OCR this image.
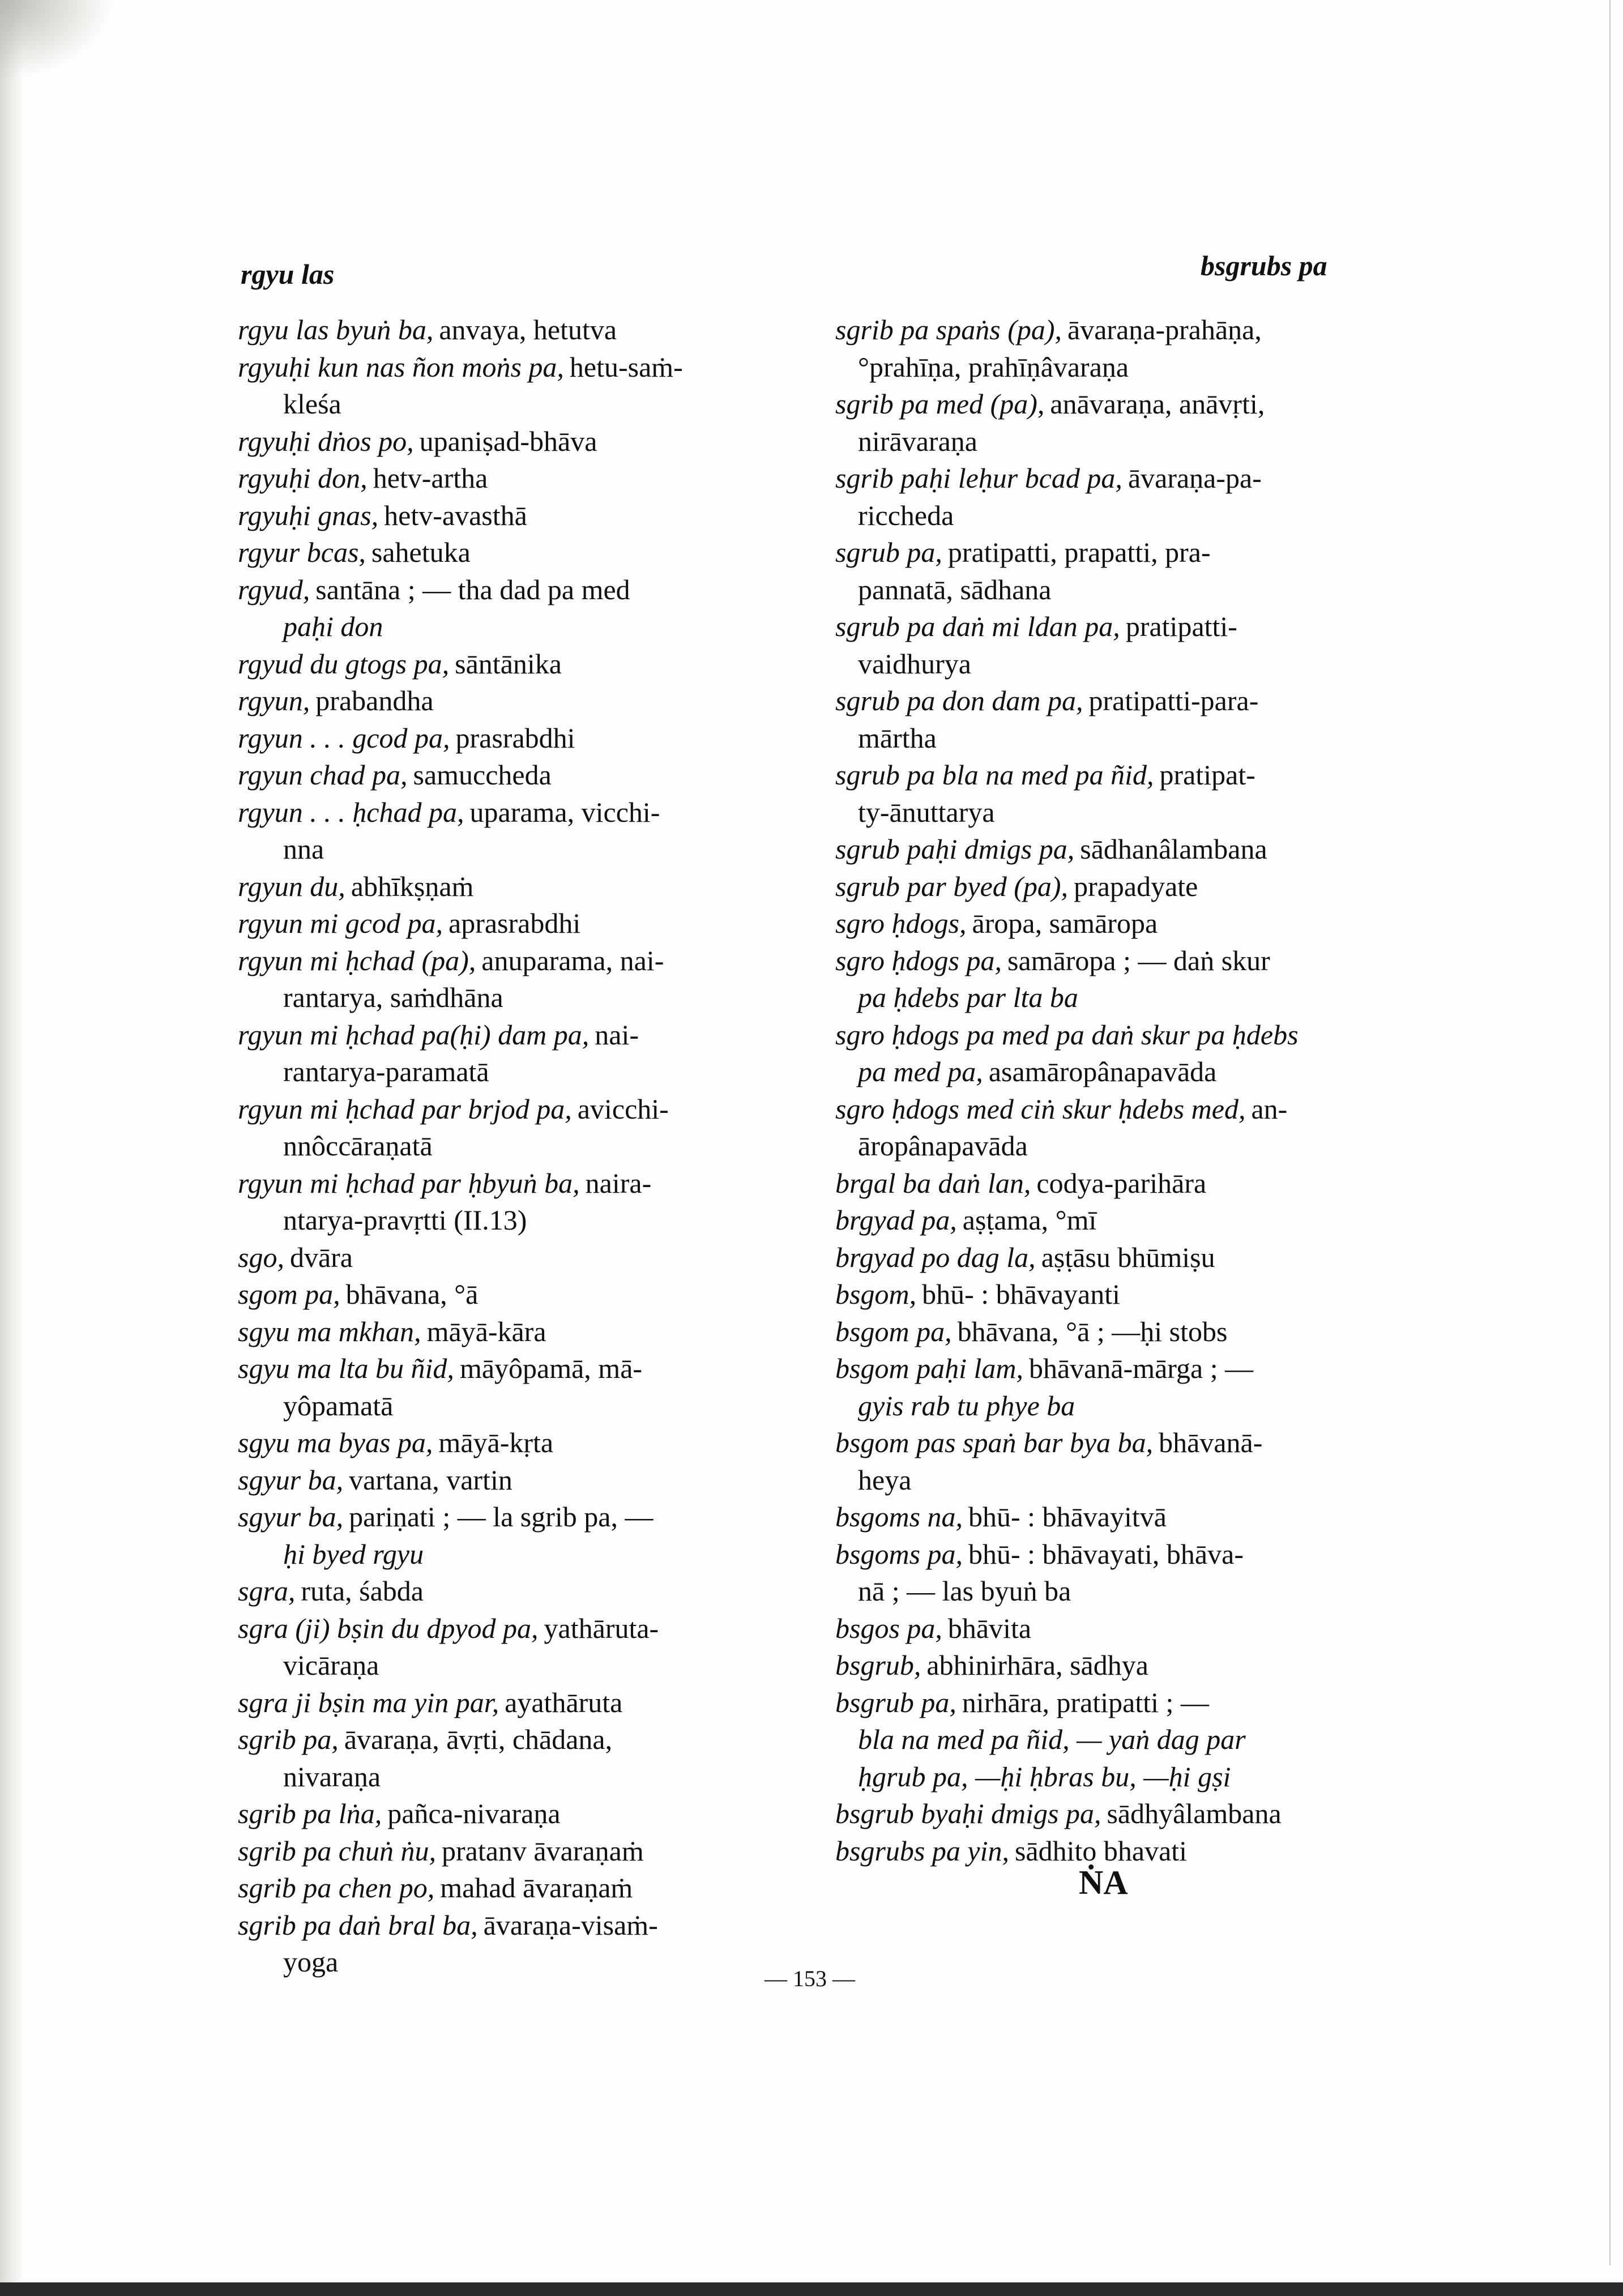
rgyu las	bsgrubs pa
rgyu las byuṅ ba, anvaya, hetutva
rgyuḥi kun nas ñon moṅs pa, hetu-saṁ-
kleśa
rgyuḥi dṅos po, upaniṣad-bhāva
rgyuḥi don, hetv-artha
rgyuḥi gnas, hetv-avasthā
rgyur bcas, sahetuka
rgyud, santāna ; — tha dad pa med
paḥi don
rgyud du gtogs pa, sāntānika
rgyun, prabandha
rgyun . . . gcod pa, prasrabdhi
rgyun chad pa, samuccheda
rgyun . . . ḥchad pa, uparama, vicchi-
nna
rgyun du, abhīkṣṇaṁ
rgyun mi gcod pa, aprasrabdhi
rgyun mi ḥchad (pa), anuparama, nai-
rantarya, saṁdhāna
rgyun mi ḥchad pa(ḥi) dam pa, nai-
rantarya-paramatā
rgyun mi ḥchad par brjod pa, avicchi-
nnôccāraṇatā
rgyun mi ḥchad par ḥbyuṅ ba, naira-
ntarya-pravṛtti (II.13)
sgo, dvāra
sgom pa, bhāvana, °ā
sgyu ma mkhan, māyā-kāra
sgyu ma lta bu ñid, māyôpamā, mā-
yôpamatā
sgyu ma byas pa, māyā-kṛta
sgyur ba, vartana, vartin
sgyur ba, pariṇati ; — la sgrib pa, —
ḥi byed rgyu
sgra, ruta, śabda
sgra (ji) bṣin du dpyod pa, yathāruta-
vicāraṇa
sgra ji bṣin ma yin par, ayathāruta
sgrib pa, āvaraṇa, āvṛti, chādana,
nivaraṇa
sgrib pa lṅa, pañca-nivaraṇa
sgrib pa chuṅ ṅu, pratanv āvaraṇaṁ
sgrib pa chen po, mahad āvaraṇaṁ
sgrib pa daṅ bral ba, āvaraṇa-visaṁ-
yoga
sgrib pa spaṅs (pa), āvaraṇa-prahāṇa,
°prahīṇa, prahīṇâvaraṇa
sgrib pa med (pa), anāvaraṇa, anāvṛti,
nirāvaraṇa
sgrib paḥi leḥur bcad pa, āvaraṇa-pa-
riccheda
sgrub pa, pratipatti, prapatti, pra-
pannatā, sādhana
sgrub pa daṅ mi ldan pa, pratipatti-
vaidhurya
sgrub pa don dam pa, pratipatti-para-
mārtha
sgrub pa bla na med pa ñid, pratipat-
ty-ānuttarya
sgrub paḥi dmigs pa, sādhanâlambana
sgrub par byed (pa), prapadyate
sgro ḥdogs, āropa, samāropa
sgro ḥdogs pa, samāropa ; — daṅ skur
pa ḥdebs par lta ba
sgro ḥdogs pa med pa daṅ skur pa ḥdebs
pa med pa, asamāropânapavāda
sgro ḥdogs med ciṅ skur ḥdebs med, an-
āropânapavāda
brgal ba daṅ lan, codya-parihāra
brgyad pa, aṣṭama, °mī
brgyad po dag la, aṣṭāsu bhūmiṣu
bsgom, bhū- : bhāvayanti
bsgom pa, bhāvana, °ā ; —ḥi stobs
bsgom paḥi lam, bhāvanā-mārga ; —
gyis rab tu phye ba
bsgom pas spaṅ bar bya ba, bhāvanā-
heya
bsgoms na, bhū- : bhāvayitvā
bsgoms pa, bhū- : bhāvayati, bhāva-
nā ; — las byuṅ ba
bsgos pa, bhāvita
bsgrub, abhinirhāra, sādhya
bsgrub pa, nirhāra, pratipatti ; —
bla na med pa ñid, — yaṅ dag par
ḥgrub pa, —ḥi ḥbras bu, —ḥi gṣi
bsgrub byaḥi dmigs pa, sādhyâlambana
bsgrubs pa yin, sādhito bhavati
ṄA
— 153 —
